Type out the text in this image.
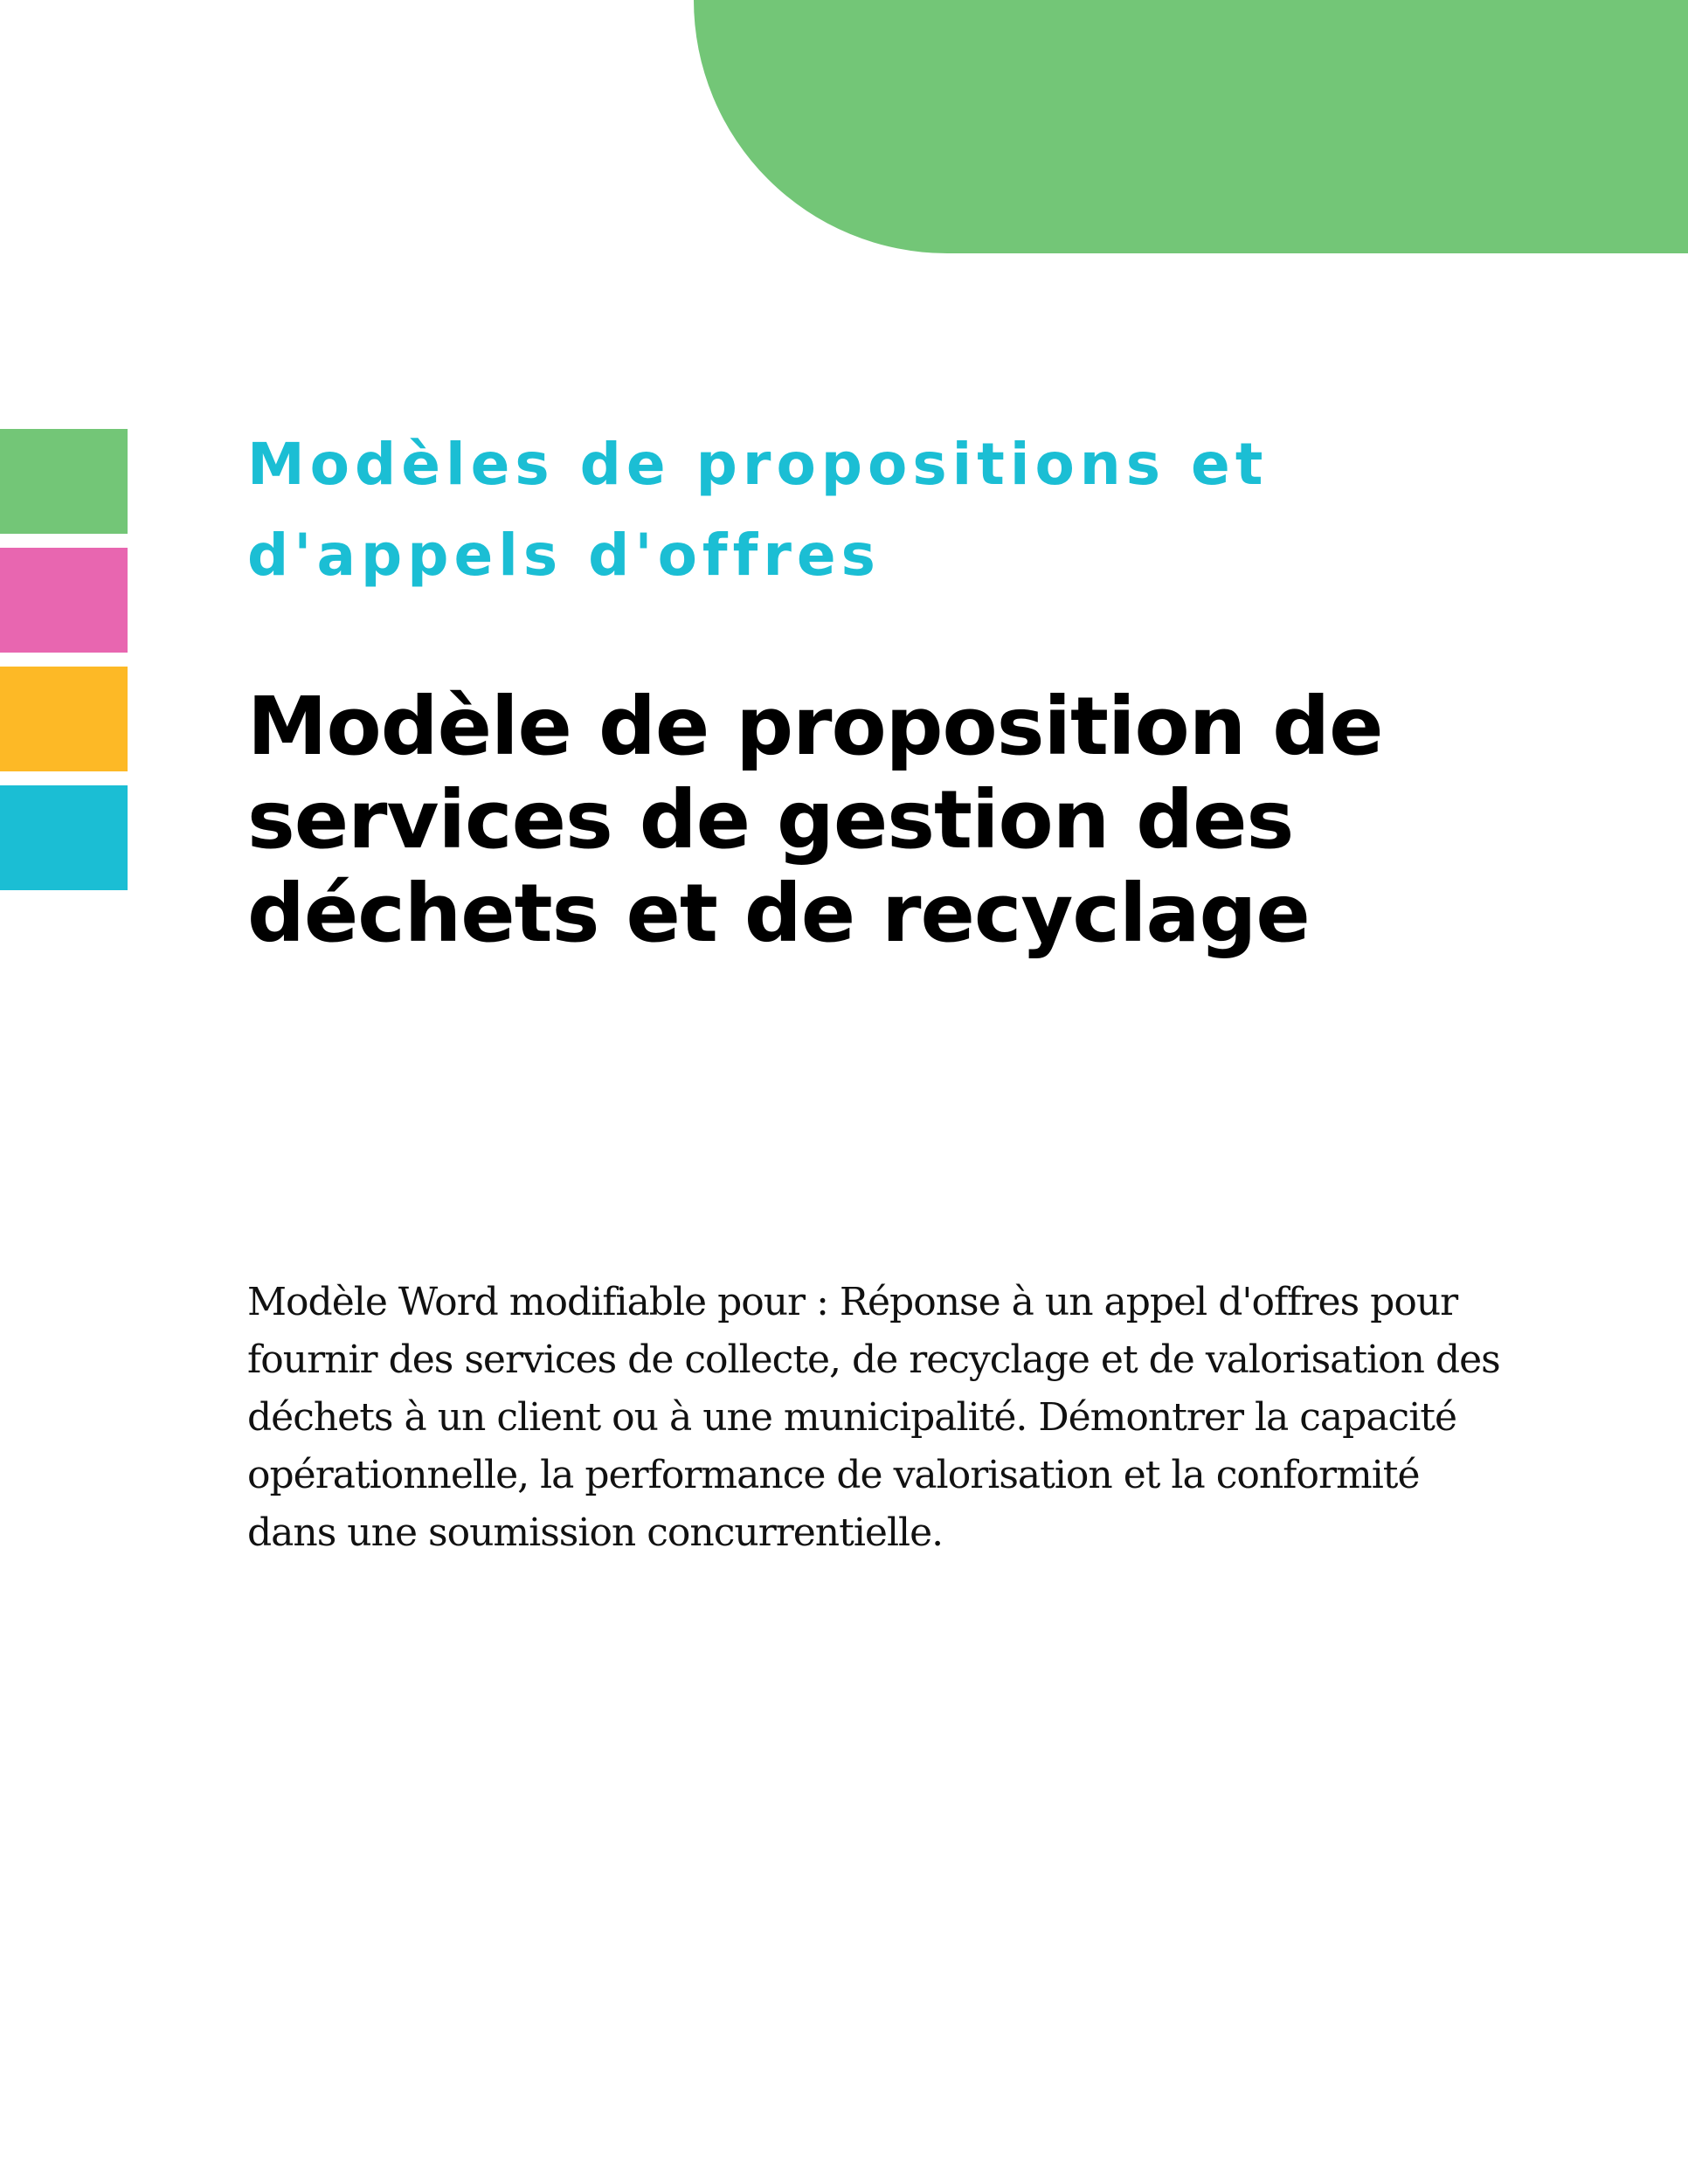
Modèles de propositions et d'appels d'offres
Modèle de proposition de services de gestion des déchets et de recyclage

Modèle Word modifiable pour : Réponse à un appel d'offres pour fournir des services de collecte, de recyclage et de valorisation des déchets à un client ou à une municipalité. Démontrer la capacité opérationnelle, la performance de valorisation et la conformité dans une soumission concurrentielle.
